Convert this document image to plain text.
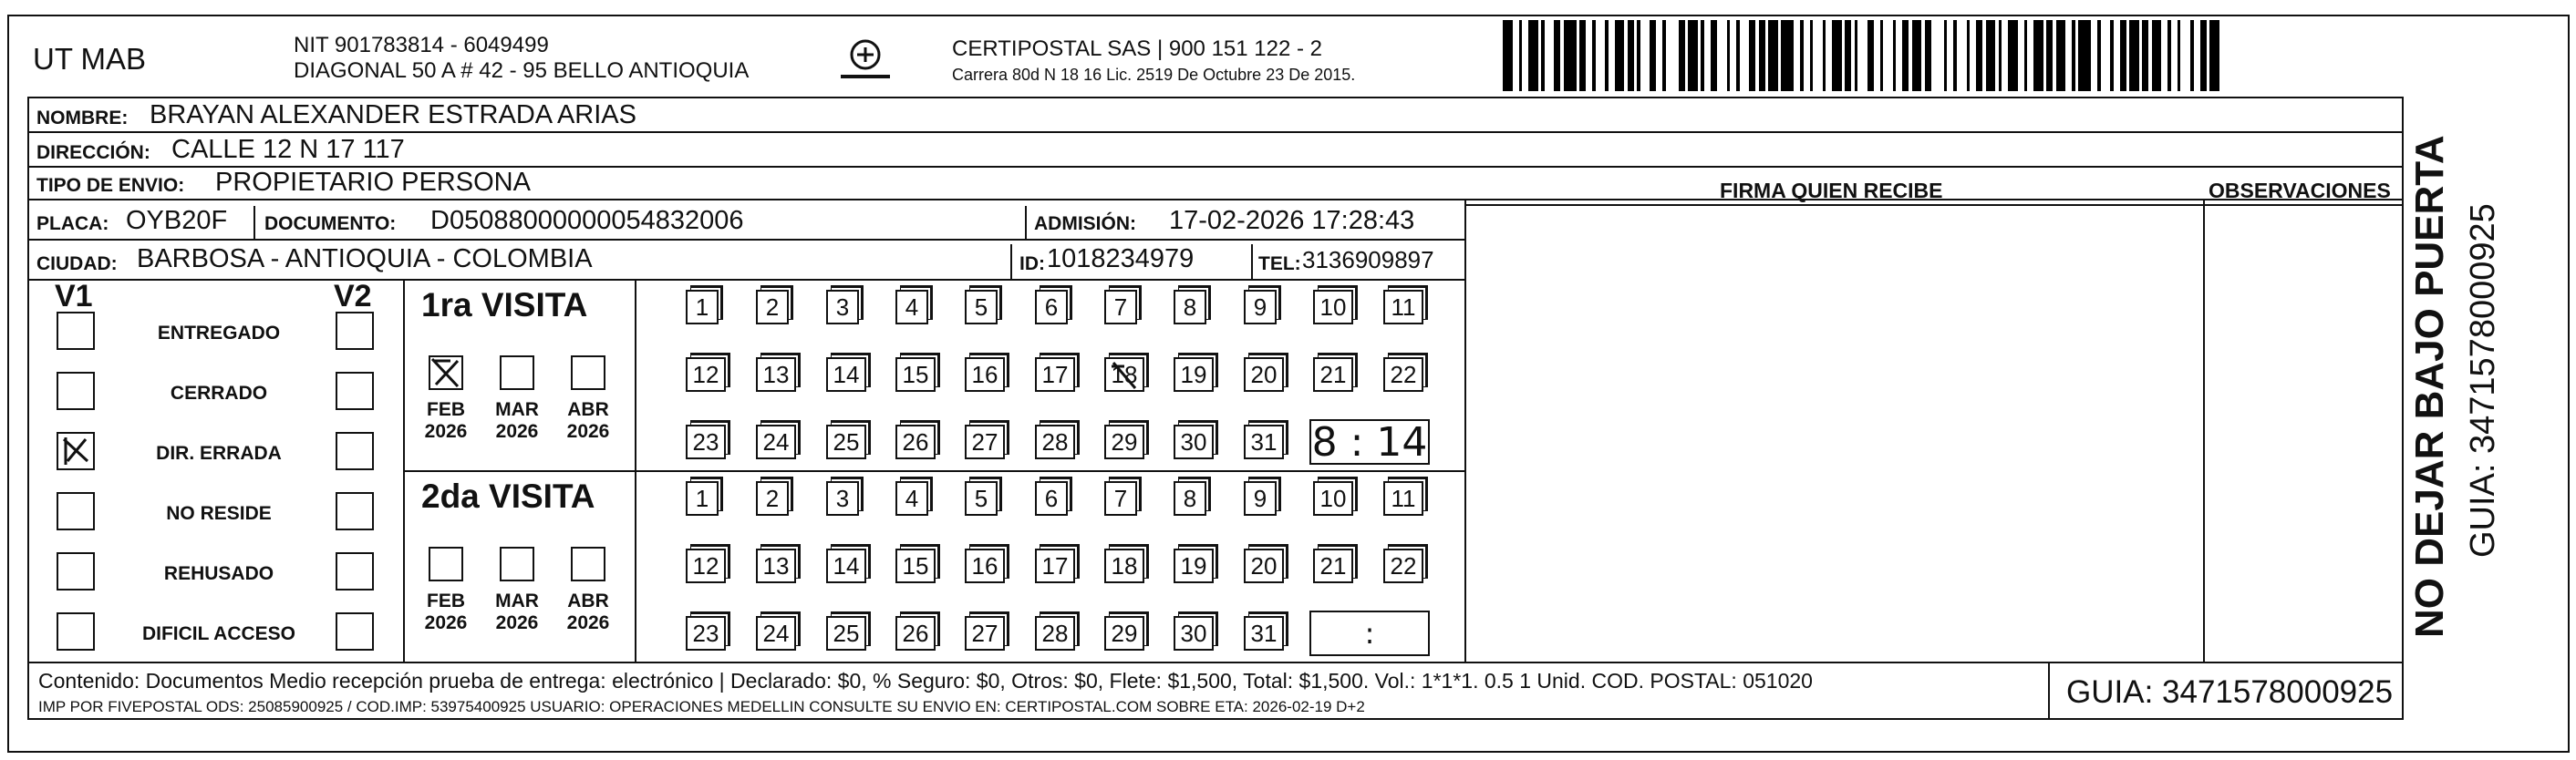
UT MAB	NIT 901783814 - 6049499
DIAGONAL 50 A # 42 - 95 BELLO ANTIOQUIA
CERTIPOSTAL SAS | 900 151 122 - 2
Carrera 80d N 18 16 Lic. 2519 De Octubre 23 De 2015.
NOMBRE: BRAYAN ALEXANDER ESTRADA ARIAS
DIRECCIÓN: CALLE 12 N 17 117
TIPO DE ENVIO: PROPIETARIO PERSONA	FIRMA QUIEN RECIBE	OBSERVACIONES
PLACA: OYB20F DOCUMENTO: D05088000000054832006	ADMISIÓN: 17-02-2026 17:28:43
CIUDAD: BARBOSA - ANTIOQUIA - COLOMBIA	ID: 1018234979	TEL: 3136909897
V1	V2
ENTREGADO
CERRADO
DIR. ERRADA
NO RESIDE
REHUSADO
DIFICIL ACCESO
1ra VISITA
2da VISITA
FEB
2026
MAR
2026
ABR
2026
1	2	3	4	5	6	7	8	9	10	11
12 13 14 15 16 17 18 19 20 21 22
23 24 25 26 27 28 29 30 31 8 : 14
FEB
2026
MAR
2026
ABR
2026
1	2	3	4	5	6	7	8	9	10	11
12 13 14 15 16 17 18 19 20 21 22
23 24 25 26 27 28 29 30 31	:
Contenido: Documentos Medio recepción prueba de entrega: electrónico | Declarado: $0, % Seguro: $0, Otros: $0, Flete: $1,500, Total: $1,500. Vol.: 1*1*1. 0.5 1 Unid. COD. POSTAL: 051020
IMP POR FIVEPOSTAL ODS: 25085900925 / COD.IMP: 53975400925 USUARIO: OPERACIONES MEDELLIN CONSULTE SU ENVIO EN: CERTIPOSTAL.COM SOBRE ETA: 2026-02-19 D+2	GUIA: 3471578000925
NO DEJAR BAJO PUERTA GUIA: 3471578000925
